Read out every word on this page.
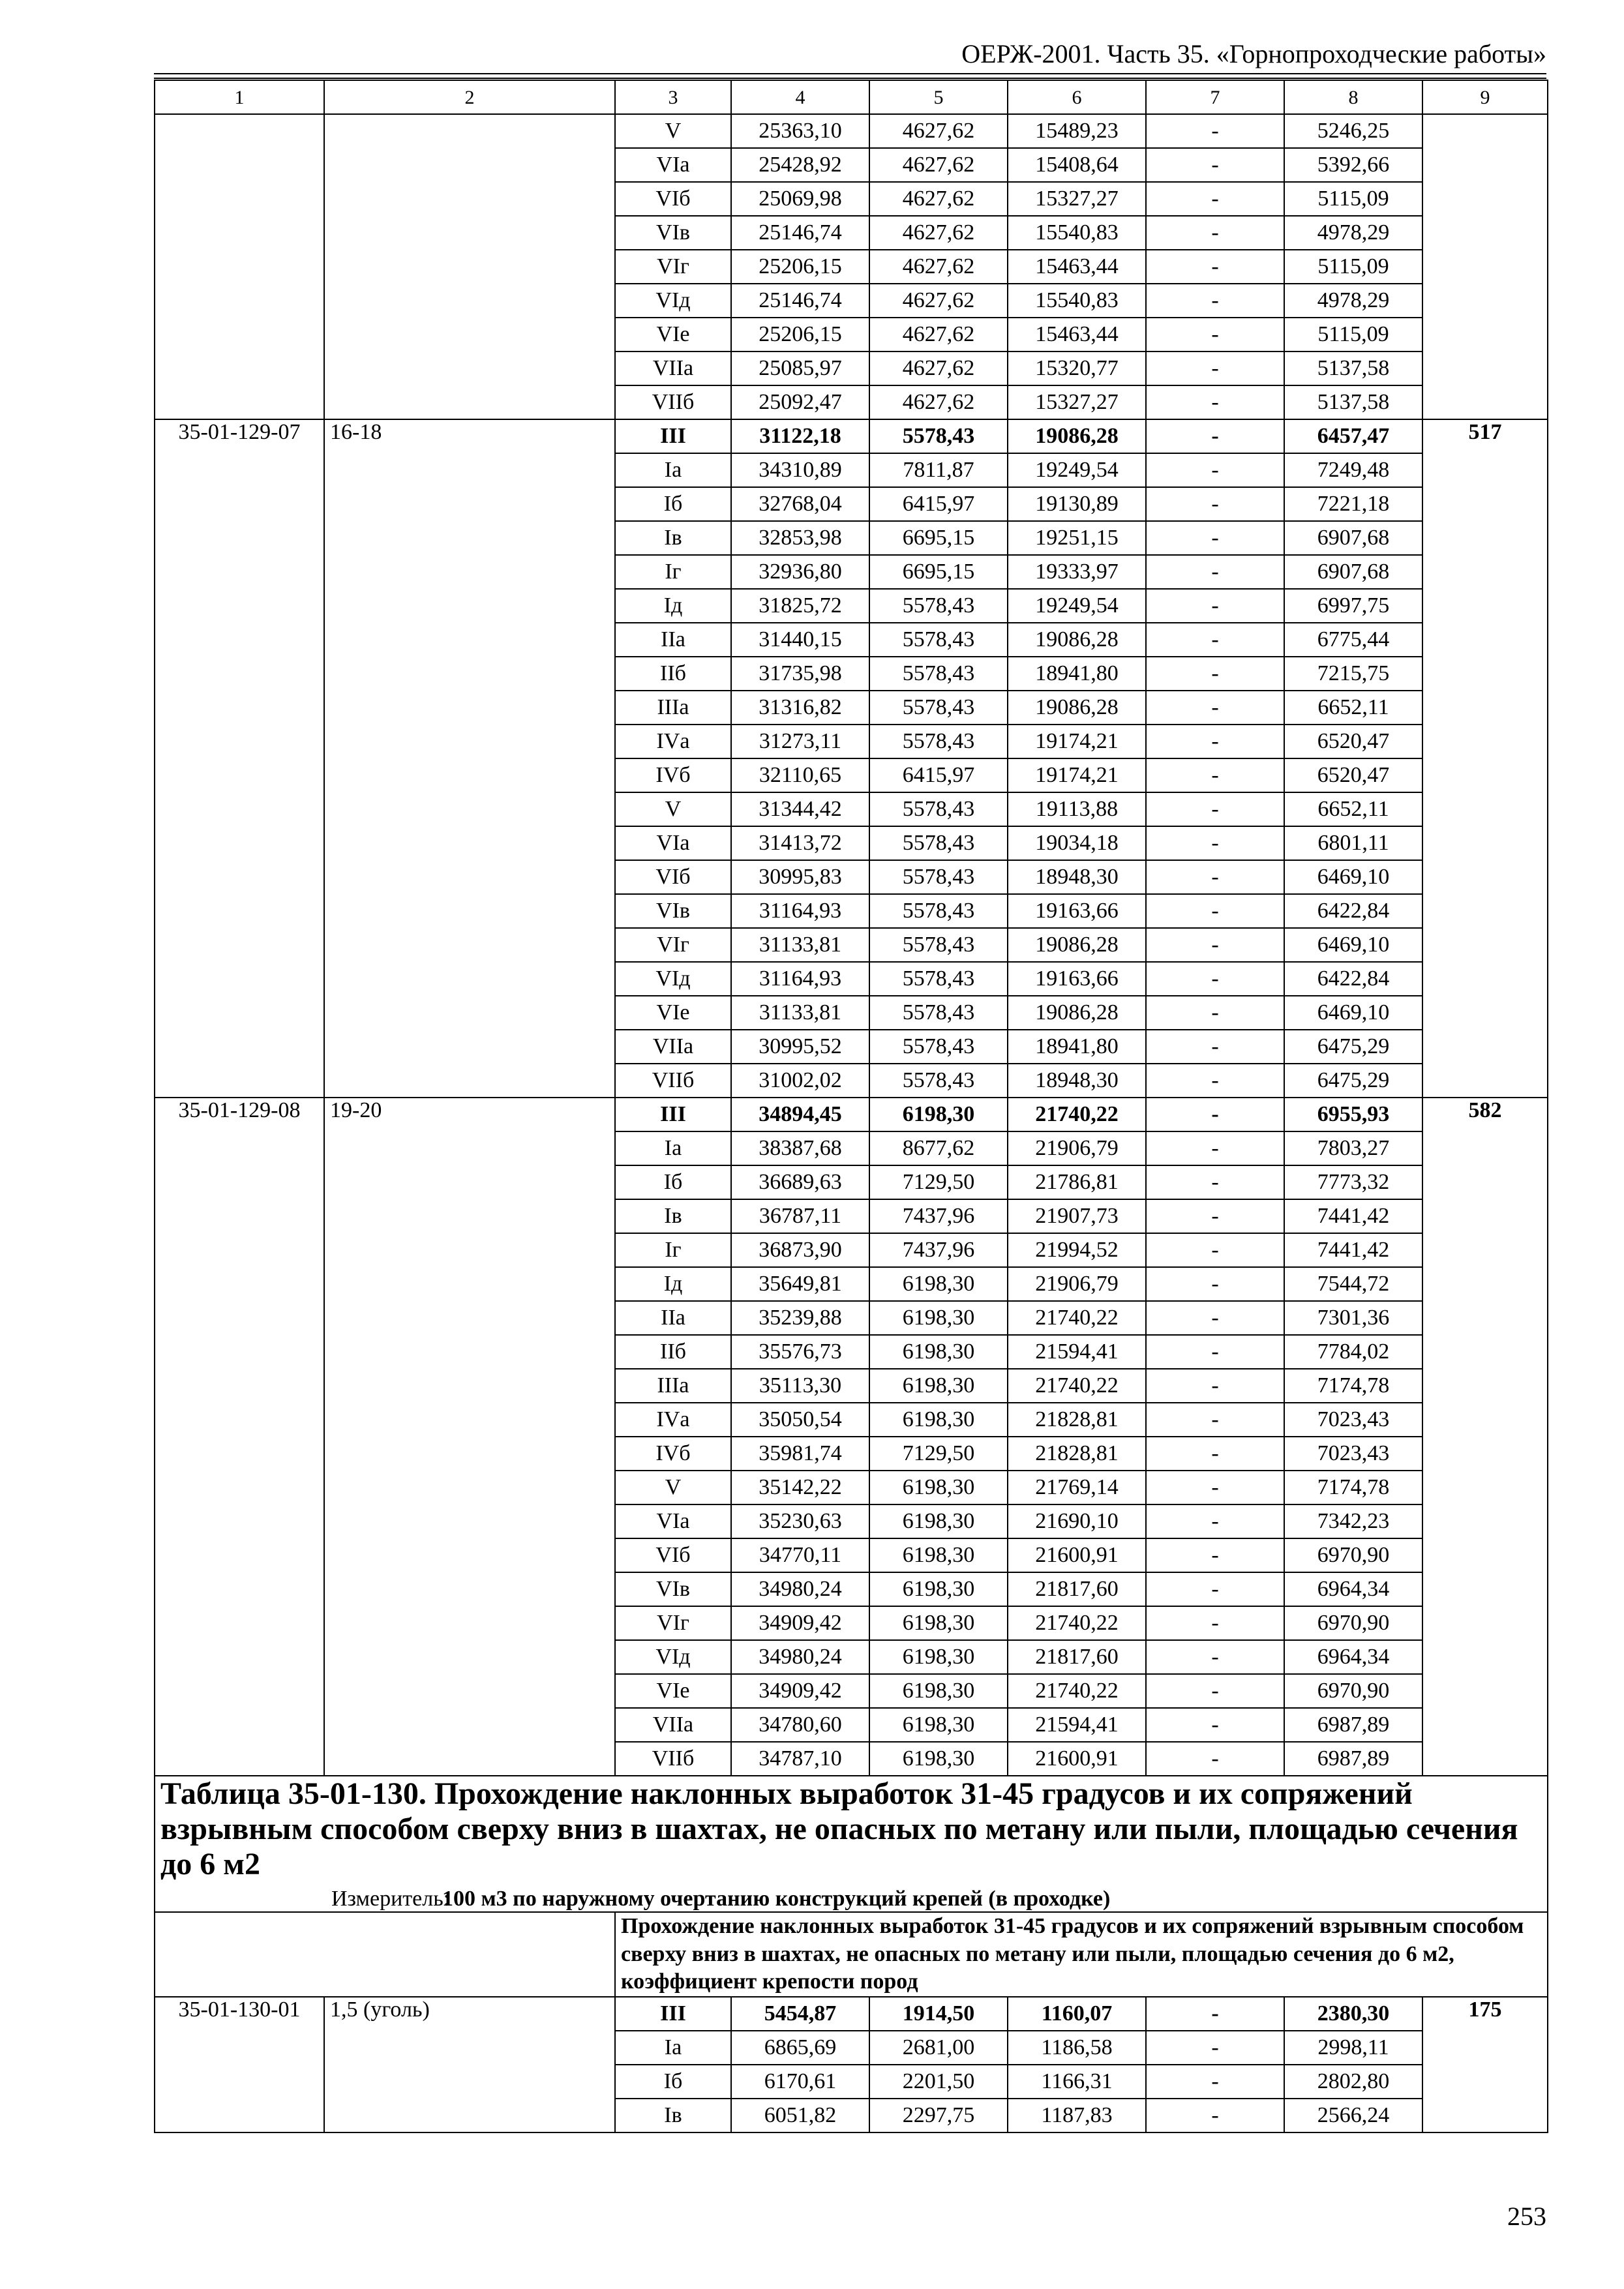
ОЕРЖ-2001. Часть 35. «Горнопроходческие работы»
1	2	3	4	5	6	7	8	9
		V	25363,10	4627,62	15489,23	-	5246,25	
		VIа	25428,92	4627,62	15408,64	-	5392,66	
		VIб	25069,98	4627,62	15327,27	-	5115,09	
		VIв	25146,74	4627,62	15540,83	-	4978,29	
		VIг	25206,15	4627,62	15463,44	-	5115,09	
		VIд	25146,74	4627,62	15540,83	-	4978,29	
		VIе	25206,15	4627,62	15463,44	-	5115,09	
		VIIа	25085,97	4627,62	15320,77	-	5137,58	
		VIIб	25092,47	4627,62	15327,27	-	5137,58	
35-01-129-07	16-18	III	31122,18	5578,43	19086,28	-	6457,47	517
		Iа	34310,89	7811,87	19249,54	-	7249,48	
		Iб	32768,04	6415,97	19130,89	-	7221,18	
		Iв	32853,98	6695,15	19251,15	-	6907,68	
		Iг	32936,80	6695,15	19333,97	-	6907,68	
		Iд	31825,72	5578,43	19249,54	-	6997,75	
		IIа	31440,15	5578,43	19086,28	-	6775,44	
		IIб	31735,98	5578,43	18941,80	-	7215,75	
		IIIа	31316,82	5578,43	19086,28	-	6652,11	
		IVа	31273,11	5578,43	19174,21	-	6520,47	
		IVб	32110,65	6415,97	19174,21	-	6520,47	
		V	31344,42	5578,43	19113,88	-	6652,11	
		VIа	31413,72	5578,43	19034,18	-	6801,11	
		VIб	30995,83	5578,43	18948,30	-	6469,10	
		VIв	31164,93	5578,43	19163,66	-	6422,84	
		VIг	31133,81	5578,43	19086,28	-	6469,10	
		VIд	31164,93	5578,43	19163,66	-	6422,84	
		VIе	31133,81	5578,43	19086,28	-	6469,10	
		VIIа	30995,52	5578,43	18941,80	-	6475,29	
		VIIб	31002,02	5578,43	18948,30	-	6475,29	
35-01-129-08	19-20	III	34894,45	6198,30	21740,22	-	6955,93	582
		Iа	38387,68	8677,62	21906,79	-	7803,27	
		Iб	36689,63	7129,50	21786,81	-	7773,32	
		Iв	36787,11	7437,96	21907,73	-	7441,42	
		Iг	36873,90	7437,96	21994,52	-	7441,42	
		Iд	35649,81	6198,30	21906,79	-	7544,72	
		IIа	35239,88	6198,30	21740,22	-	7301,36	
		IIб	35576,73	6198,30	21594,41	-	7784,02	
		IIIа	35113,30	6198,30	21740,22	-	7174,78	
		IVа	35050,54	6198,30	21828,81	-	7023,43	
		IVб	35981,74	7129,50	21828,81	-	7023,43	
		V	35142,22	6198,30	21769,14	-	7174,78	
		VIа	35230,63	6198,30	21690,10	-	7342,23	
		VIб	34770,11	6198,30	21600,91	-	6970,90	
		VIв	34980,24	6198,30	21817,60	-	6964,34	
		VIг	34909,42	6198,30	21740,22	-	6970,90	
		VIд	34980,24	6198,30	21817,60	-	6964,34	
		VIе	34909,42	6198,30	21740,22	-	6970,90	
		VIIа	34780,60	6198,30	21594,41	-	6987,89	
		VIIб	34787,10	6198,30	21600,91	-	6987,89	

Таблица 35-01-130. Прохождение наклонных выработок 31-45 градусов и их сопряжений взрывным способом сверху вниз в шахтах, не опасных по метану или пыли, площадью сечения до 6 м2
Измеритель:
100 м3 по наружному очертанию конструкций крепей (в проходке)								

		Прохождение наклонных выработок 31-45 градусов и их сопряжений взрывным способом сверху вниз в шахтах, не опасных по метану или пыли, площадью сечения до 6 м2, коэффициент крепости пород						
35-01-130-01	1,5 (уголь)	III	5454,87	1914,50	1160,07	-	2380,30	175
		Iа	6865,69	2681,00	1186,58	-	2998,11	
		Iб	6170,61	2201,50	1166,31	-	2802,80	
		Iв	6051,82	2297,75	1187,83	-	2566,24	
253
